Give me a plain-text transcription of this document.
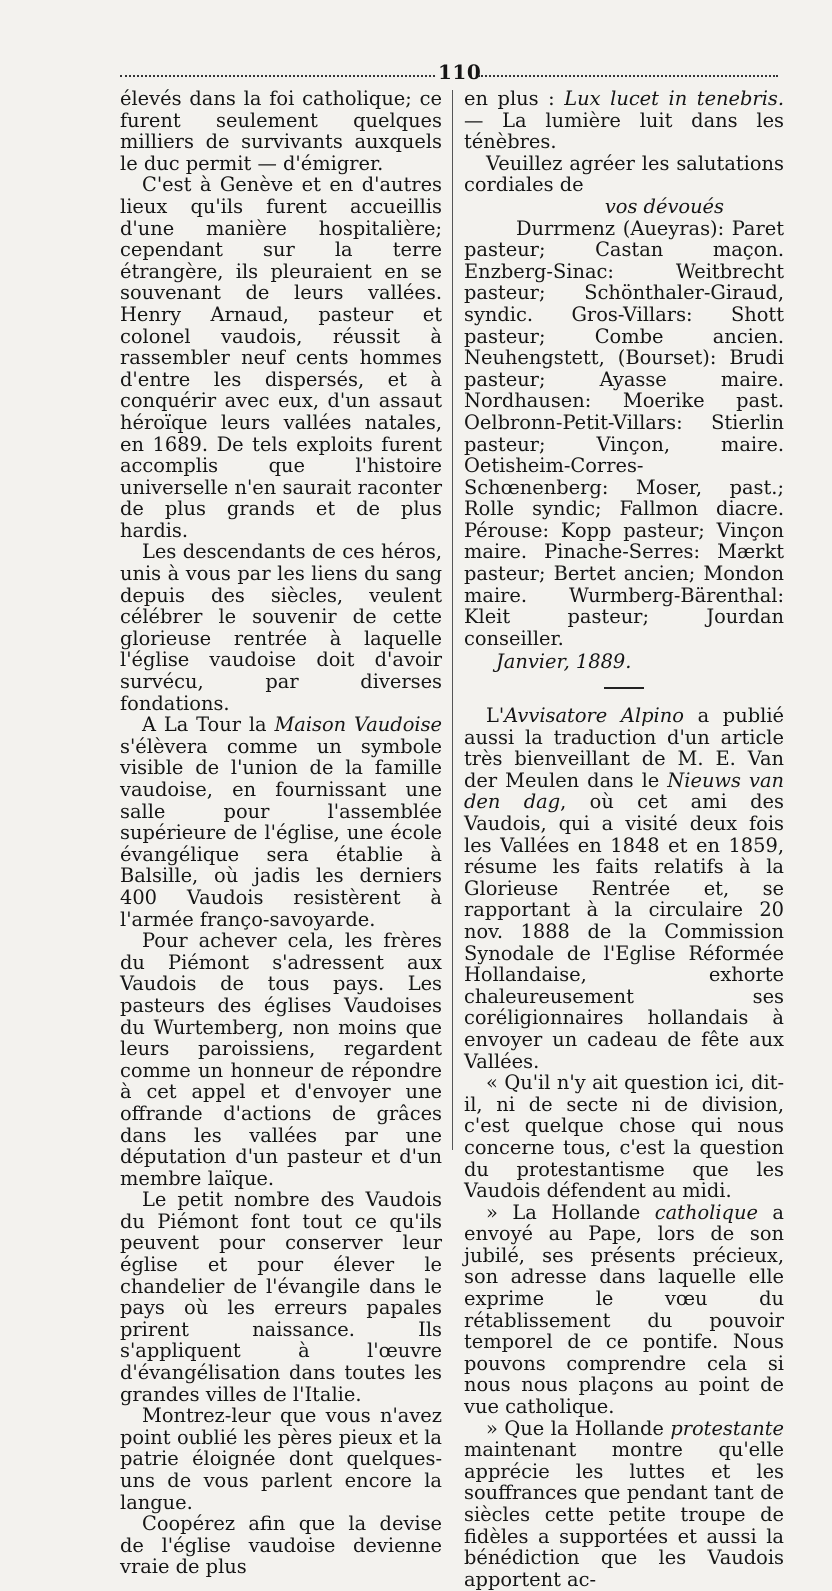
110

élevés dans la foi catholique; ce furent seulement quelques milliers de survivants auxquels le duc permit — d'émigrer.

C'est à Genève et en d'autres lieux qu'ils furent accueillis d'une manière hospitalière; cependant sur la terre étrangère, ils pleuraient en se souvenant de leurs vallées. Henry Arnaud, pasteur et colonel vaudois, réussit à rassembler neuf cents hommes d'entre les dispersés, et à conquérir avec eux, d'un assaut héroïque leurs vallées natales, en 1689. De tels exploits furent accomplis que l'histoire universelle n'en saurait raconter de plus grands et de plus hardis.

Les descendants de ces héros, unis à vous par les liens du sang depuis des siècles, veulent célébrer le souvenir de cette glorieuse rentrée à laquelle l'église vaudoise doit d'avoir survécu, par diverses fondations.

A La Tour la Maison Vaudoise s'élèvera comme un symbole visible de l'union de la famille vaudoise, en fournissant une salle pour l'assemblée supérieure de l'église, une école évangélique sera établie à Balsille, où jadis les derniers 400 Vaudois resistèrent à l'armée franço-savoyarde.

Pour achever cela, les frères du Piémont s'adressent aux Vaudois de tous pays. Les pasteurs des églises Vaudoises du Wurtemberg, non moins que leurs paroissiens, regardent comme un honneur de répondre à cet appel et d'envoyer une offrande d'actions de grâces dans les vallées par une députation d'un pasteur et d'un membre laïque.

Le petit nombre des Vaudois du Piémont font tout ce qu'ils peuvent pour conserver leur église et pour élever le chandelier de l'évangile dans le pays où les erreurs papales prirent naissance. Ils s'appliquent à l'œuvre d'évangélisation dans toutes les grandes villes de l'Italie.

Montrez-leur que vous n'avez point oublié les pères pieux et la patrie éloignée dont quelques-uns de vous parlent encore la langue.

Coopérez afin que la devise de l'église vaudoise devienne vraie de plus

en plus : Lux lucet in tenebris. — La lumière luit dans les ténèbres.

Veuillez agréer les salutations cordiales de

vos dévoués

Durrmenz (Aueyras): Paret pasteur; Castan maçon. Enzberg-Sinac: Weitbrecht pasteur; Schönthaler-Giraud, syndic. Gros-Villars: Shott pasteur; Combe ancien. Neuhengstett, (Bourset): Brudi pasteur; Ayasse maire. Nordhausen: Moerike past. Oelbronn-Petit-Villars: Stierlin pasteur; Vinçon, maire. Oetisheim-Corres-Schœnenberg: Moser, past.; Rolle syndic; Fallmon diacre. Pérouse: Kopp pasteur; Vinçon maire. Pinache-Serres: Mærkt pasteur; Bertet ancien; Mondon maire. Wurmberg-Bärenthal: Kleit pasteur; Jourdan conseiller.

Janvier, 1889.

L'Avvisatore Alpino a publié aussi la traduction d'un article très bienveillant de M. E. Van der Meulen dans le Nieuws van den dag, où cet ami des Vaudois, qui a visité deux fois les Vallées en 1848 et en 1859, résume les faits relatifs à la Glorieuse Rentrée et, se rapportant à la circulaire 20 nov. 1888 de la Commission Synodale de l'Eglise Réformée Hollandaise, exhorte chaleureusement ses coréligionnaires hollandais à envoyer un cadeau de fête aux Vallées.

« Qu'il n'y ait question ici, dit-il, ni de secte ni de division, c'est quelque chose qui nous concerne tous, c'est la question du protestantisme que les Vaudois défendent au midi.

» La Hollande catholique a envoyé au Pape, lors de son jubilé, ses présents précieux, son adresse dans laquelle elle exprime le vœu du rétablissement du pouvoir temporel de ce pontife. Nous pouvons comprendre cela si nous nous plaçons au point de vue catholique.

» Que la Hollande protestante maintenant montre qu'elle apprécie les luttes et les souffrances que pendant tant de siècles cette petite troupe de fidèles a supportées et aussi la bénédiction que les Vaudois apportent ac-
